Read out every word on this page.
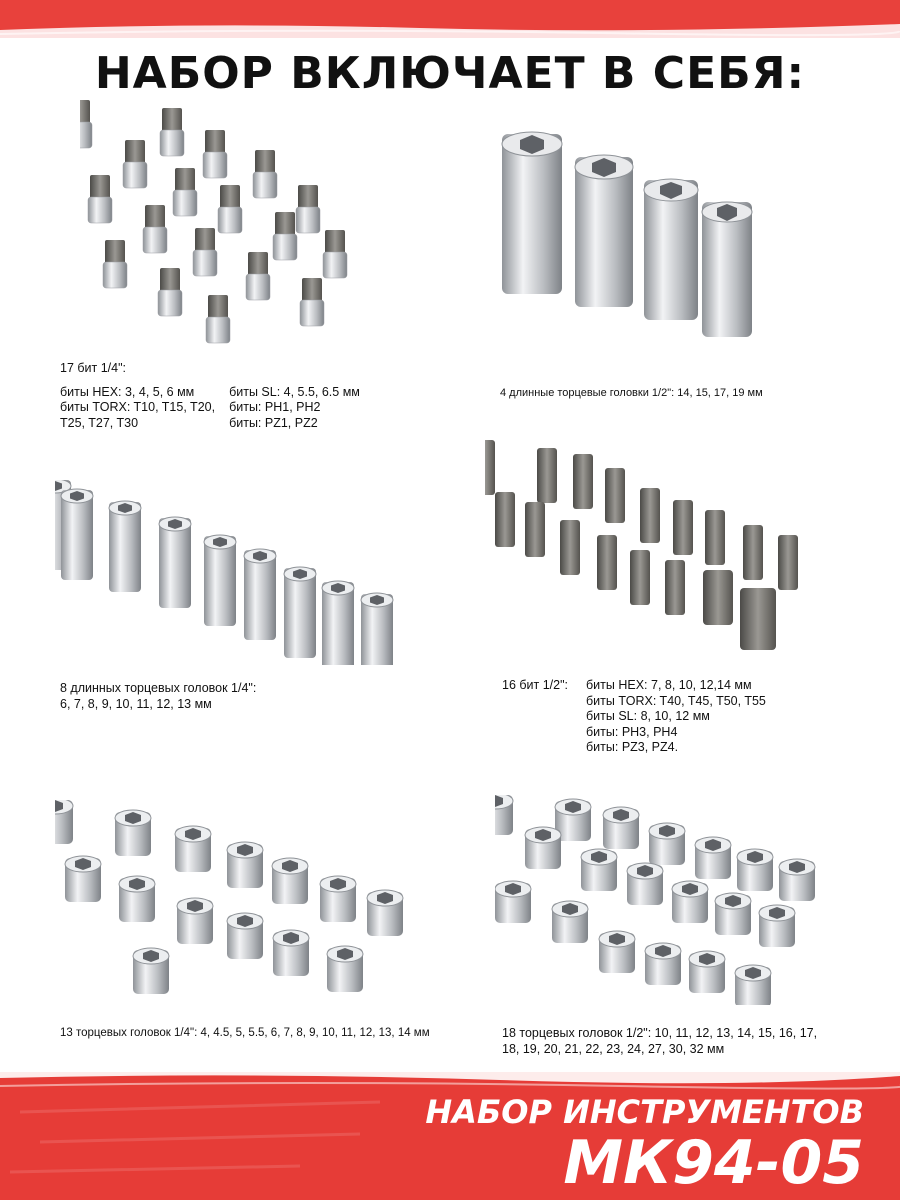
НАБОР ВКЛЮЧАЕТ В СЕБЯ:
17 бит 1/4":
биты HEX: 3, 4, 5, 6 мм
биты TORX: T10, T15, T20,
T25, T27, T30
биты SL: 4, 5.5, 6.5 мм
биты: PH1, PH2
биты: PZ1, PZ2
4 длинные торцевые головки 1/2": 14, 15, 17, 19 мм
8 длинных торцевых головок 1/4":
6, 7, 8, 9, 10, 11, 12, 13 мм
16 бит 1/2": биты HEX: 7, 8, 10, 12,14 мм
биты TORX: T40, T45, T50, T55
биты SL: 8, 10, 12 мм
биты: PH3, PH4
биты: PZ3, PZ4.
13 торцевых головок 1/4": 4, 4.5, 5, 5.5, 6, 7, 8, 9, 10, 11, 12, 13, 14 мм	18 торцевых головок 1/2": 10, 11, 12, 13, 14, 15, 16, 17,
18, 19, 20, 21, 22, 23, 24, 27, 30, 32 мм
НАБОР ИНСТРУМЕНТОВ
МК94-05
